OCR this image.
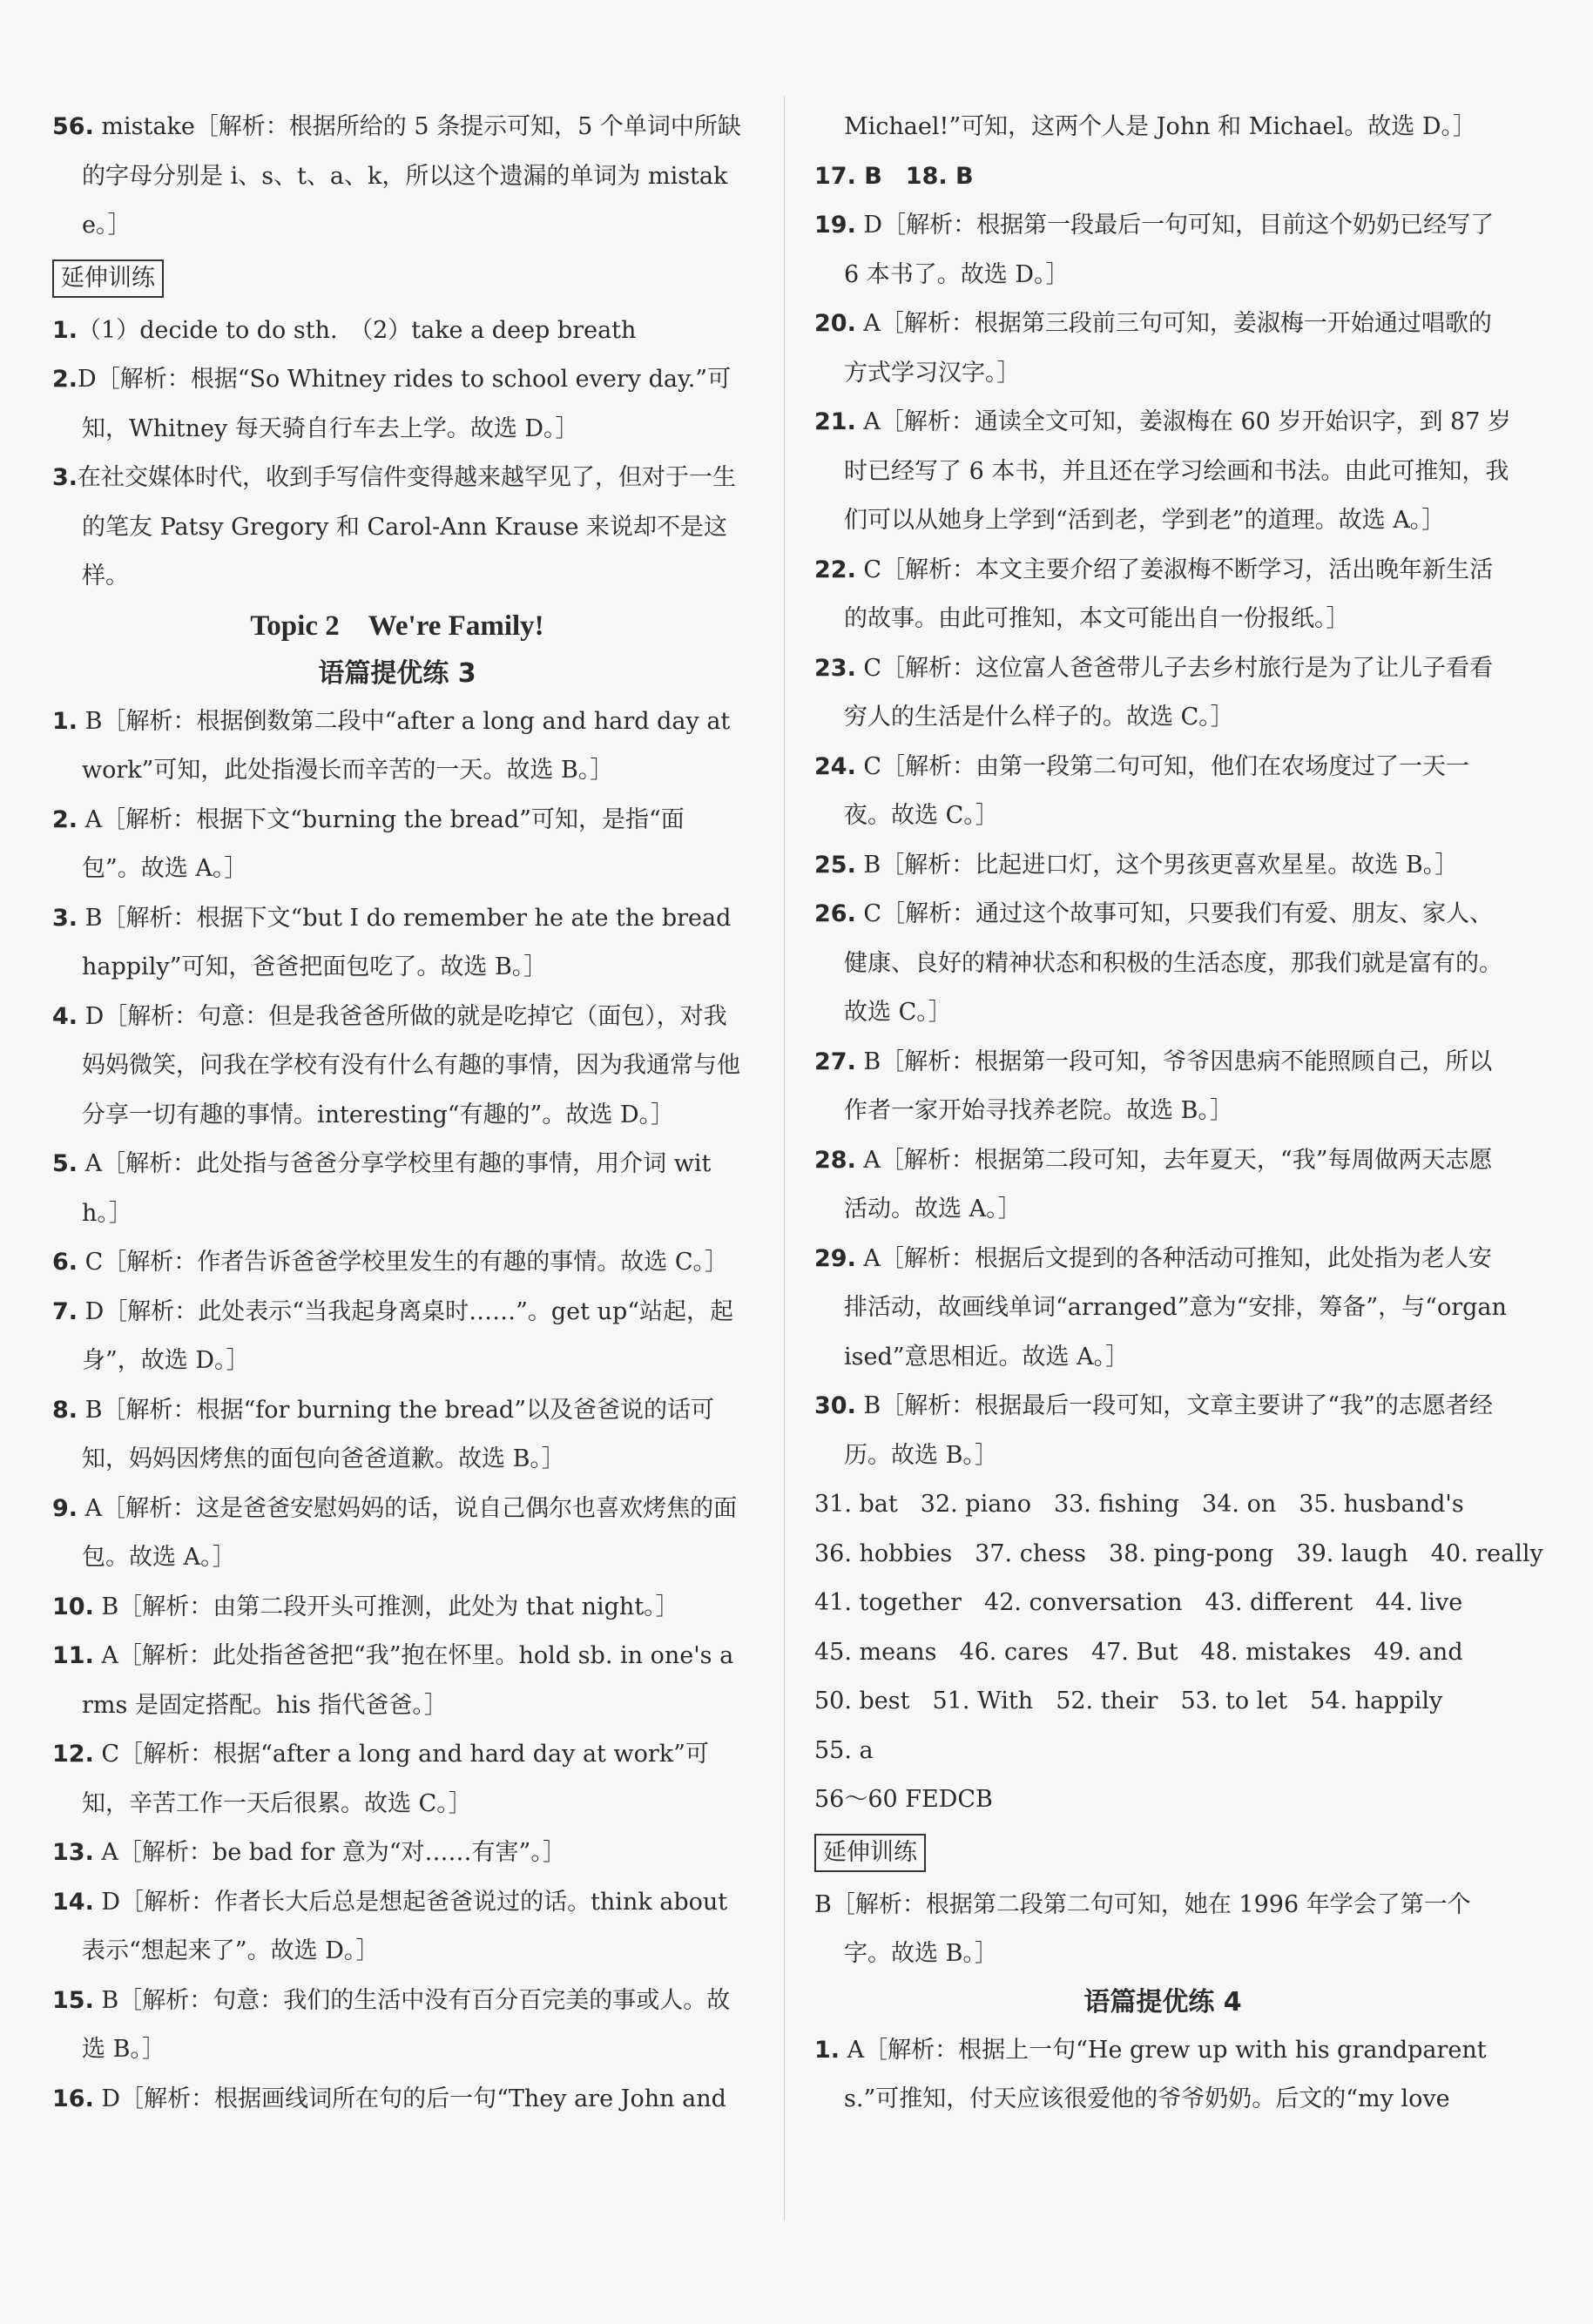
56. mistake［解析：根据所给的 5 条提示可知，5 个单词中所缺的字母分别是 i、s、t、a、k，所以这个遗漏的单词为 mistake。］

延伸训练

1.（1）decide to do sth.　（2）take a deep breath

2.D［解析：根据“So Whitney rides to school every day.”可知，Whitney 每天骑自行车去上学。故选 D。］

3.在社交媒体时代，收到手写信件变得越来越罕见了，但对于一生的笔友 Patsy Gregory 和 Carol-Ann Krause 来说却不是这样。

Topic 2　We're Family!
语篇提优练 3

1. B［解析：根据倒数第二段中“after a long and hard day at work”可知，此处指漫长而辛苦的一天。故选 B。］

2. A［解析：根据下文“burning the bread”可知，是指“面包”。故选 A。］

3. B［解析：根据下文“but I do remember he ate the bread happily”可知，爸爸把面包吃了。故选 B。］

4. D［解析：句意：但是我爸爸所做的就是吃掉它（面包），对我妈妈微笑，问我在学校有没有什么有趣的事情，因为我通常与他分享一切有趣的事情。interesting“有趣的”。故选 D。］

5. A［解析：此处指与爸爸分享学校里有趣的事情，用介词 with。］

6. C［解析：作者告诉爸爸学校里发生的有趣的事情。故选 C。］

7. D［解析：此处表示“当我起身离桌时……”。get up“站起，起身”，故选 D。］

8. B［解析：根据“for burning the bread”以及爸爸说的话可知，妈妈因烤焦的面包向爸爸道歉。故选 B。］

9. A［解析：这是爸爸安慰妈妈的话，说自己偶尔也喜欢烤焦的面包。故选 A。］

10. B［解析：由第二段开头可推测，此处为 that night。］

11. A［解析：此处指爸爸把“我”抱在怀里。hold sb. in one's arms 是固定搭配。his 指代爸爸。］

12. C［解析：根据“after a long and hard day at work”可知，辛苦工作一天后很累。故选 C。］

13. A［解析：be bad for 意为“对……有害”。］

14. D［解析：作者长大后总是想起爸爸说过的话。think about 表示“想起来了”。故选 D。］

15. B［解析：句意：我们的生活中没有百分百完美的事或人。故选 B。］

16. D［解析：根据画线词所在句的后一句“They are John and

Michael!”可知，这两个人是 John 和 Michael。故选 D。］

17. B　18. B

19. D［解析：根据第一段最后一句可知，目前这个奶奶已经写了 6 本书了。故选 D。］

20. A［解析：根据第三段前三句可知，姜淑梅一开始通过唱歌的方式学习汉字。］

21. A［解析：通读全文可知，姜淑梅在 60 岁开始识字，到 87 岁时已经写了 6 本书，并且还在学习绘画和书法。由此可推知，我们可以从她身上学到“活到老，学到老”的道理。故选 A。］

22. C［解析：本文主要介绍了姜淑梅不断学习，活出晚年新生活的故事。由此可推知，本文可能出自一份报纸。］

23. C［解析：这位富人爸爸带儿子去乡村旅行是为了让儿子看看穷人的生活是什么样子的。故选 C。］

24. C［解析：由第一段第二句可知，他们在农场度过了一天一夜。故选 C。］

25. B［解析：比起进口灯，这个男孩更喜欢星星。故选 B。］

26. C［解析：通过这个故事可知，只要我们有爱、朋友、家人、健康、良好的精神状态和积极的生活态度，那我们就是富有的。故选 C。］

27. B［解析：根据第一段可知，爷爷因患病不能照顾自己，所以作者一家开始寻找养老院。故选 B。］

28. A［解析：根据第二段可知，去年夏天，“我”每周做两天志愿活动。故选 A。］

29. A［解析：根据后文提到的各种活动可推知，此处指为老人安排活动，故画线单词“arranged”意为“安排，筹备”，与“organised”意思相近。故选 A。］

30. B［解析：根据最后一段可知，文章主要讲了“我”的志愿者经历。故选 B。］

31. bat 32. piano 33. fishing 34. on 35. husband's

36. hobbies 37. chess 38. ping-pong 39. laugh 40. really

41. together 42. conversation 43. different 44. live

45. means 46. cares 47. But 48. mistakes 49. and

50. best 51. With 52. their 53. to let 54. happily

55. a

56～60 FEDCB

延伸训练

B［解析：根据第二段第二句可知，她在 1996 年学会了第一个字。故选 B。］

语篇提优练 4

1. A［解析：根据上一句“He grew up with his grandparents.”可推知，付天应该很爱他的爷爷奶奶。后文的“my love
